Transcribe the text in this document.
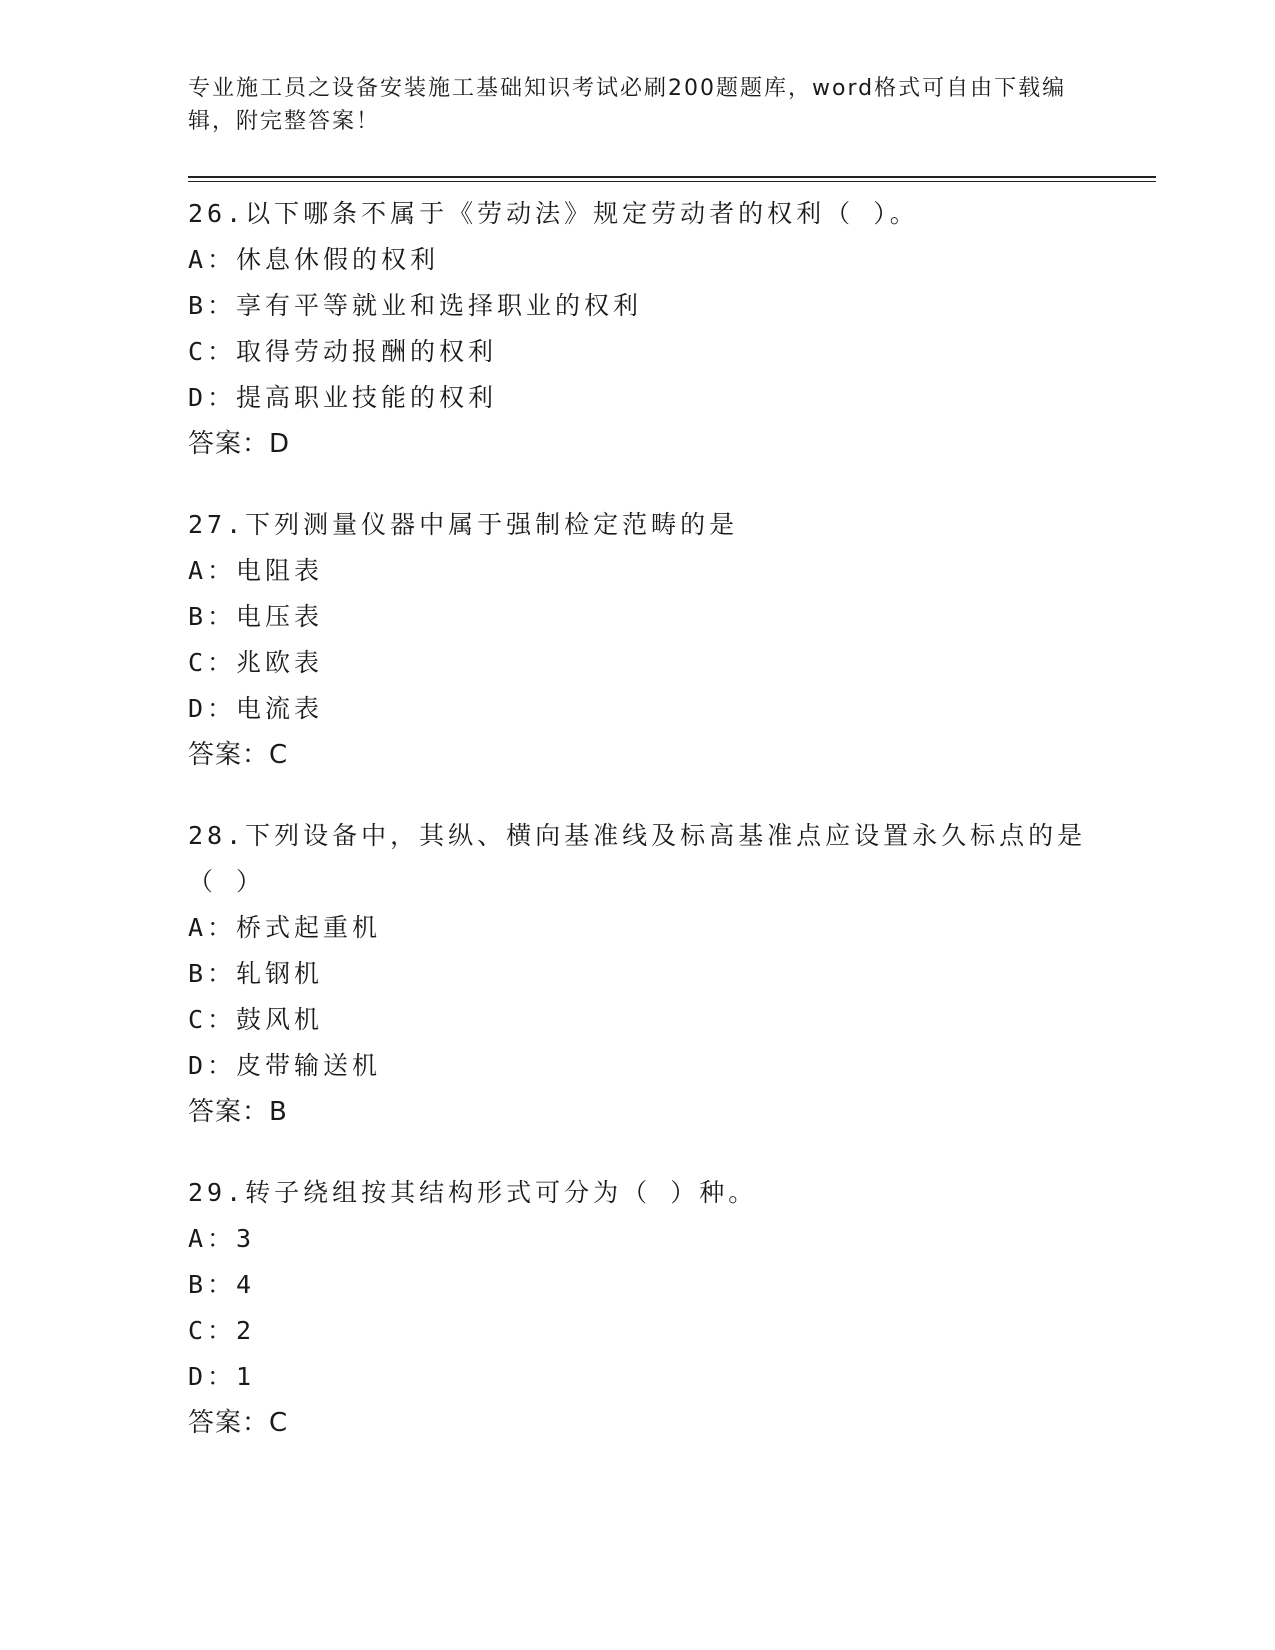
专业施工员之设备安装施工基础知识考试必刷200题题库，word格式可自由下载编辑，附完整答案！
26.以下哪条不属于《劳动法》规定劳动者的权利（ ）。
A：休息休假的权利
B：享有平等就业和选择职业的权利
C：取得劳动报酬的权利
D：提高职业技能的权利
答案：D
27.下列测量仪器中属于强制检定范畴的是
A：电阻表
B：电压表
C：兆欧表
D：电流表
答案：C
28.下列设备中，其纵、横向基准线及标高基准点应设置永久标点的是（ ）
A：桥式起重机
B：轧钢机
C：鼓风机
D：皮带输送机
答案：B
29.转子绕组按其结构形式可分为（ ）种。
A：3
B：4
C：2
D：1
答案：C
